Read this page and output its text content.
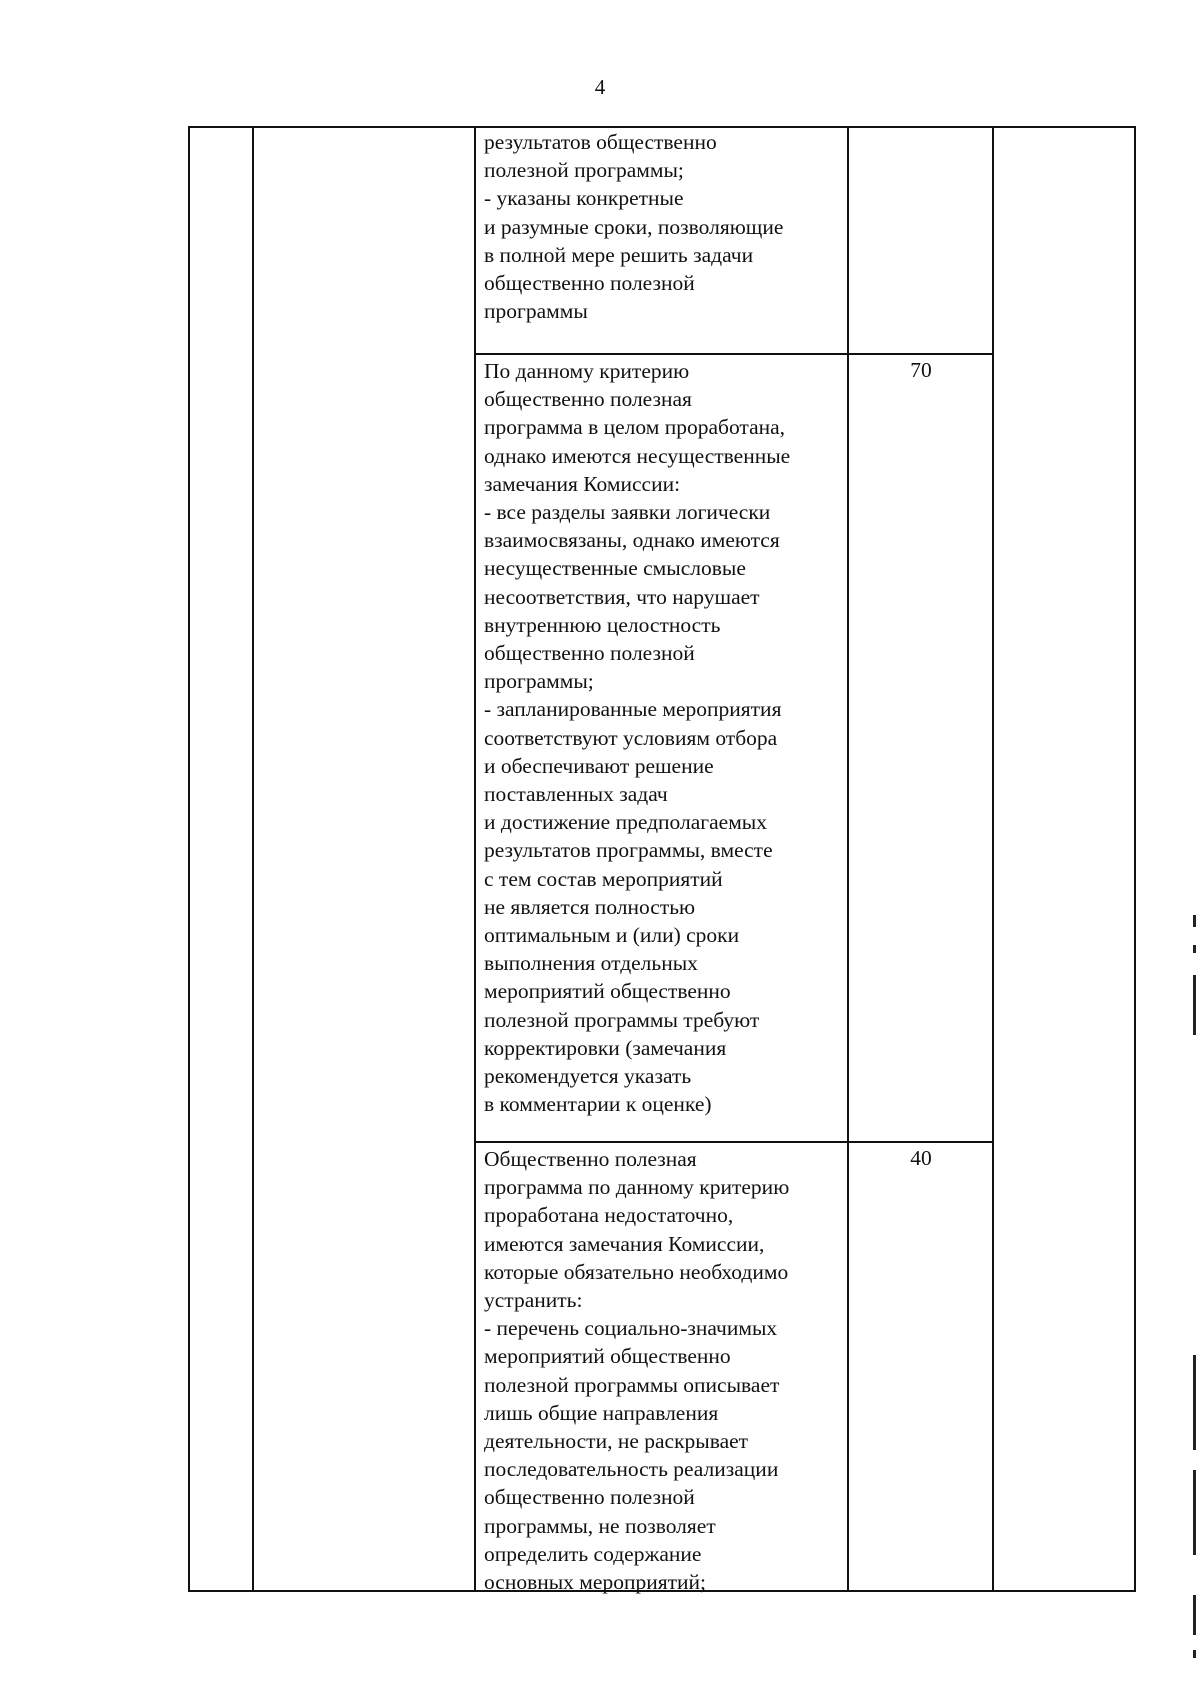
4
результатов общественно
полезной программы;
- указаны конкретные
и разумные сроки, позволяющие
в полной мере решить задачи
общественно полезной
программы
По данному критерию
общественно полезная
программа в целом проработана,
однако имеются несущественные
замечания Комиссии:
- все разделы заявки логически
взаимосвязаны, однако имеются
несущественные смысловые
несоответствия, что нарушает
внутреннюю целостность
общественно полезной
программы;
- запланированные мероприятия
соответствуют условиям отбора
и обеспечивают решение
поставленных задач
и достижение предполагаемых
результатов программы, вместе
с тем состав мероприятий
не является полностью
оптимальным и (или) сроки
выполнения отдельных
мероприятий общественно
полезной программы требуют
корректировки (замечания
рекомендуется указать
в комментарии к оценке)
70
Общественно полезная
программа по данному критерию
проработана недостаточно,
имеются замечания Комиссии,
которые обязательно необходимо
устранить:
- перечень социально-значимых
мероприятий общественно
полезной программы описывает
лишь общие направления
деятельности, не раскрывает
последовательность реализации
общественно полезной
программы, не позволяет
определить содержание
основных мероприятий;
40
